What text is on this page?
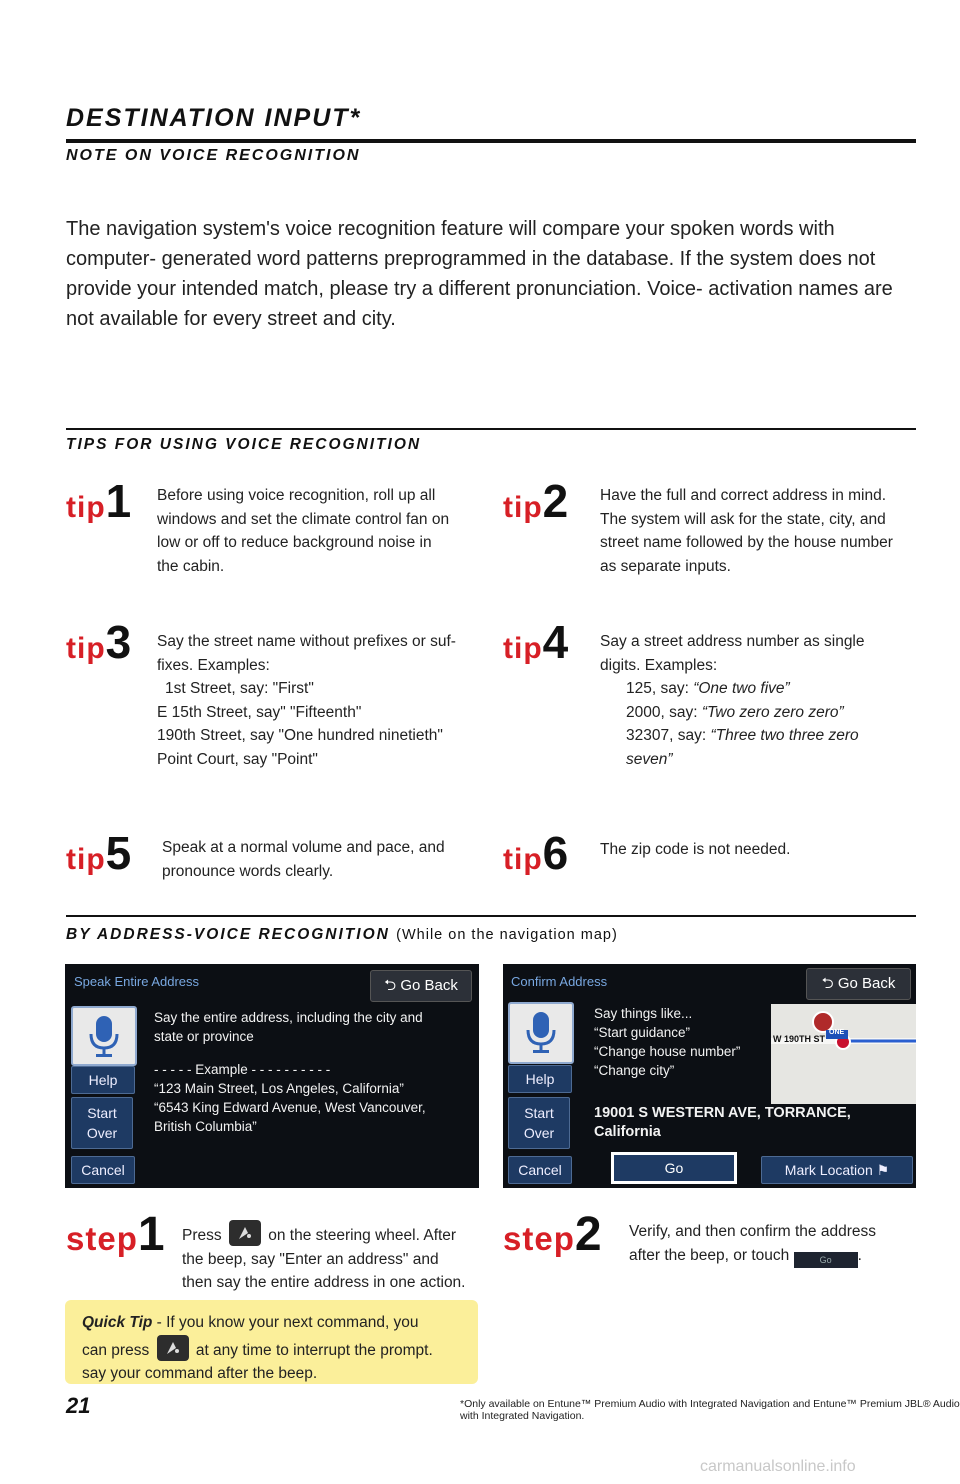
DESTINATION INPUT*
NOTE ON VOICE RECOGNITION
The navigation system's voice recognition feature will compare your spoken words with computer- generated word patterns preprogrammed in the database. If the system does not provide your intended match, please try a different pronunciation. Voice- activation names are not available for every street and city.
TIPS FOR USING VOICE RECOGNITION
tip1 Before using voice recognition, roll up all
windows and set the climate control fan on
low or off to reduce background noise in
the cabin.
tip2 Have the full and correct address in mind.
The system will ask for the state, city, and
street name followed by the house number
as separate inputs.
tip3 Say the street name without prefixes or suf-
fixes. Examples:
1st Street, say: "First"
E 15th Street, say" "Fifteenth"
190th Street, say "One hundred ninetieth"
Point Court, say "Point"
tip4 Say a street address number as single
digits. Examples:
125, say: “One two five”
2000, say: “Two zero zero zero”
32307, say: “Three two three zero
seven”
tip5 Speak at a normal volume and pace, and
pronounce words clearly.	tip6 The zip code is not needed.
BY ADDRESS-VOICE RECOGNITION (While on the navigation map)
Speak Entire Address	⮌ Go Back
Help
Start
Over
Cancel
Say the entire address, including the city and
state or province
- - - - - Example - - - - - - - - - -
“123 Main Street, Los Angeles, California”
“6543 King Edward Avenue, West Vancouver,
British Columbia”
Confirm Address	⮌ Go Back
Help
Start
Over
Cancel
Say things like...
“Start guidance”
“Change house number”
“Change city”
W 190TH ST
ONE
19001 S WESTERN AVE, TORRANCE,
California
Go	Mark Location ⚑
step1 Press	on the steering wheel. After
the beep, say "Enter an address" and
then say the entire address in one action.
step2 Verify, and then confirm the address
after the beep, or touch	Go .
Quick Tip - If you know your next command, you
can press	at any time to interrupt the prompt.
say your command after the beep.
21	*Only available on Entune™ Premium Audio with Integrated Navigation and Entune™ Premium JBL® Audio with Integrated Navigation.
carmanualsonline.info
